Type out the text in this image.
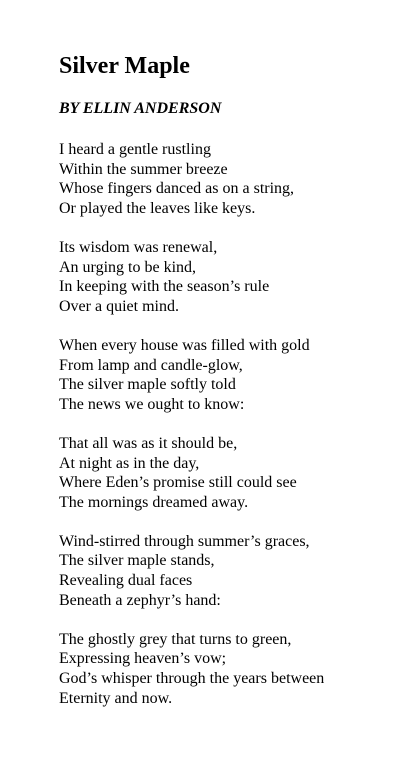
Silver Maple

BY ELLIN ANDERSON

I heard a gentle rustling
Within the summer breeze
Whose fingers danced as on a string,
Or played the leaves like keys.
Its wisdom was renewal,
An urging to be kind,
In keeping with the season’s rule
Over a quiet mind.
When every house was filled with gold
From lamp and candle-glow,
The silver maple softly told
The news we ought to know:
That all was as it should be,
At night as in the day,
Where Eden’s promise still could see
The mornings dreamed away.
Wind-stirred through summer’s graces,
The silver maple stands,
Revealing dual faces
Beneath a zephyr’s hand:
The ghostly grey that turns to green,
Expressing heaven’s vow;
God’s whisper through the years between
Eternity and now.
